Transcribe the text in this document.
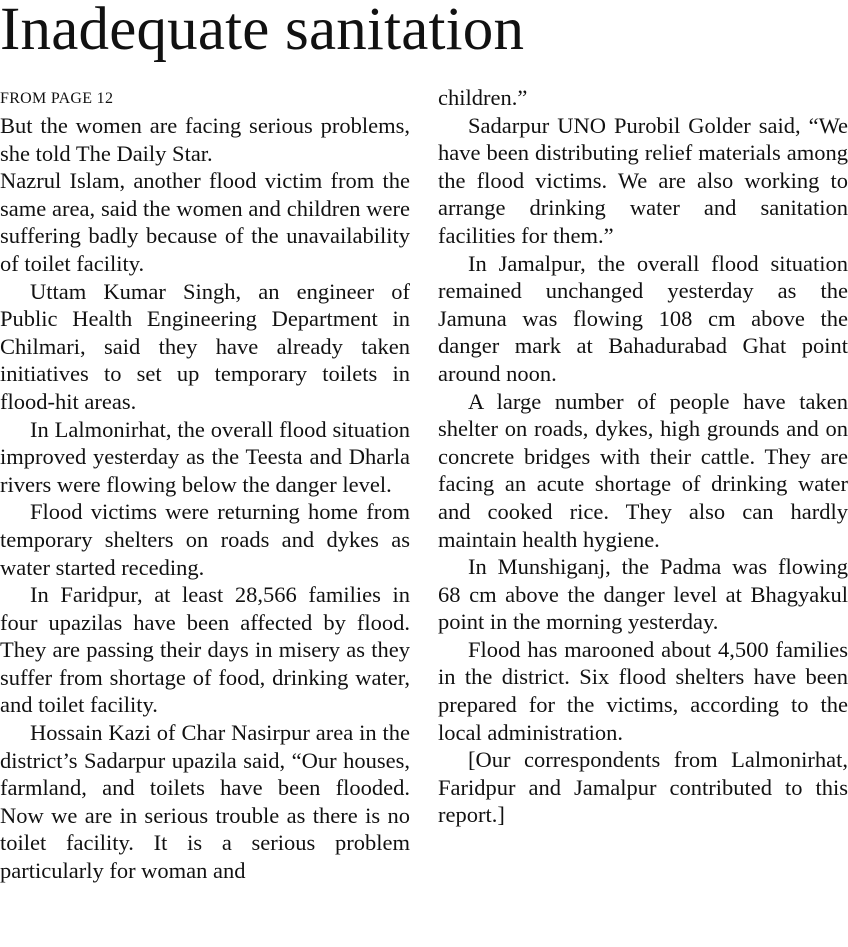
Inadequate sanitation
FROM PAGE 12

But the women are facing serious problems, she told The Daily Star.

Nazrul Islam, another flood victim from the same area, said the women and children were suffering badly because of the unavailability of toilet facility.

Uttam Kumar Singh, an engineer of Public Health Engineering Department in Chilmari, said they have already taken initiatives to set up temporary toilets in flood-hit areas.

In Lalmonirhat, the overall flood situation improved yesterday as the Teesta and Dharla rivers were flowing below the danger level.

Flood victims were returning home from temporary shelters on roads and dykes as water started receding.

In Faridpur, at least 28,566 families in four upazilas have been affected by flood. They are passing their days in misery as they suffer from shortage of food, drinking water, and toilet facility.

Hossain Kazi of Char Nasirpur area in the district’s Sadarpur upazila said, “Our houses, farmland, and toilets have been flooded. Now we are in serious trouble as there is no toilet facility. It is a serious problem particularly for woman and

children.”

Sadarpur UNO Purobil Golder said, “We have been distributing relief materials among the flood victims. We are also working to arrange drinking water and sanitation facilities for them.”

In Jamalpur, the overall flood situation remained unchanged yesterday as the Jamuna was flowing 108 cm above the danger mark at Bahadurabad Ghat point around noon.

A large number of people have taken shelter on roads, dykes, high grounds and on concrete bridges with their cattle. They are facing an acute shortage of drinking water and cooked rice. They also can hardly maintain health hygiene.

In Munshiganj, the Padma was flowing 68 cm above the danger level at Bhagyakul point in the morning yesterday.

Flood has marooned about 4,500 families in the district. Six flood shelters have been prepared for the victims, according to the local administration.

[Our correspondents from Lalmonirhat, Faridpur and Jamalpur contributed to this report.]
